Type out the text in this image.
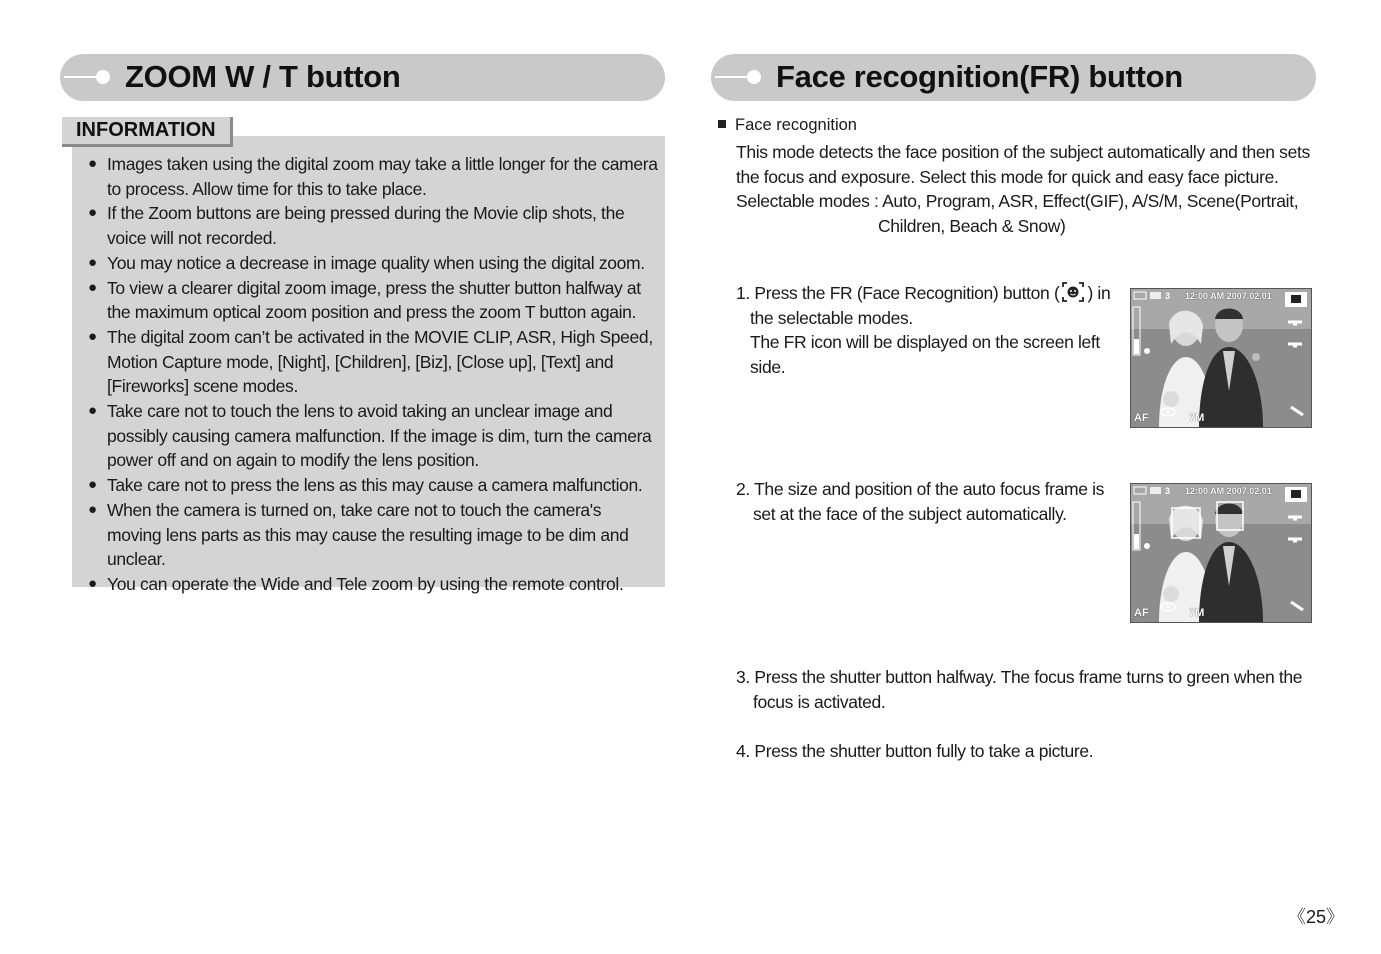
ZOOM W / T button	Face recognition(FR) button
INFORMATION
● Images taken using the digital zoom may take a little longer for the camera to process. Allow time for this to take place.
● If the Zoom buttons are being pressed during the Movie clip shots, the voice will not recorded.
● You may notice a decrease in image quality when using the digital zoom.
● To view a clearer digital zoom image, press the shutter button halfway at the maximum optical zoom position and press the zoom T button again.
● The digital zoom can’t be activated in the MOVIE CLIP, ASR, High Speed, Motion Capture mode, [Night], [Children], [Biz], [Close up], [Text] and [Fireworks] scene modes.
● Take care not to touch the lens to avoid taking an unclear image and possibly causing camera malfunction. If the image is dim, turn the camera power off and on again to modify the lens position.
● Take care not to press the lens as this may cause a camera malfunction.
● When the camera is turned on, take care not to touch the camera's moving lens parts as this may cause the resulting image to be dim and unclear.
● You can operate the Wide and Tele zoom by using the remote control.
Face recognition

This mode detects the face position of the subject automatically and then sets

the focus and exposure. Select this mode for quick and easy face picture.

Selectable modes : Auto, Program, ASR, Effect(GIF), A/S/M, Scene(Portrait,

Children, Beach & Snow)

1. Press the FR (Face Recognition) button ( ) in

the selectable modes.

The FR icon will be displayed on the screen left

side.

2. The size and position of the auto focus frame is

set at the face of the subject automatically.

3. Press the shutter button halfway. The focus frame turns to green when the

focus is activated.

4. Press the shutter button fully to take a picture.

3 12:00 AM 2007.02.01
AF	7M
3 12:00 AM 2007.02.01
AF	7M
《25》
